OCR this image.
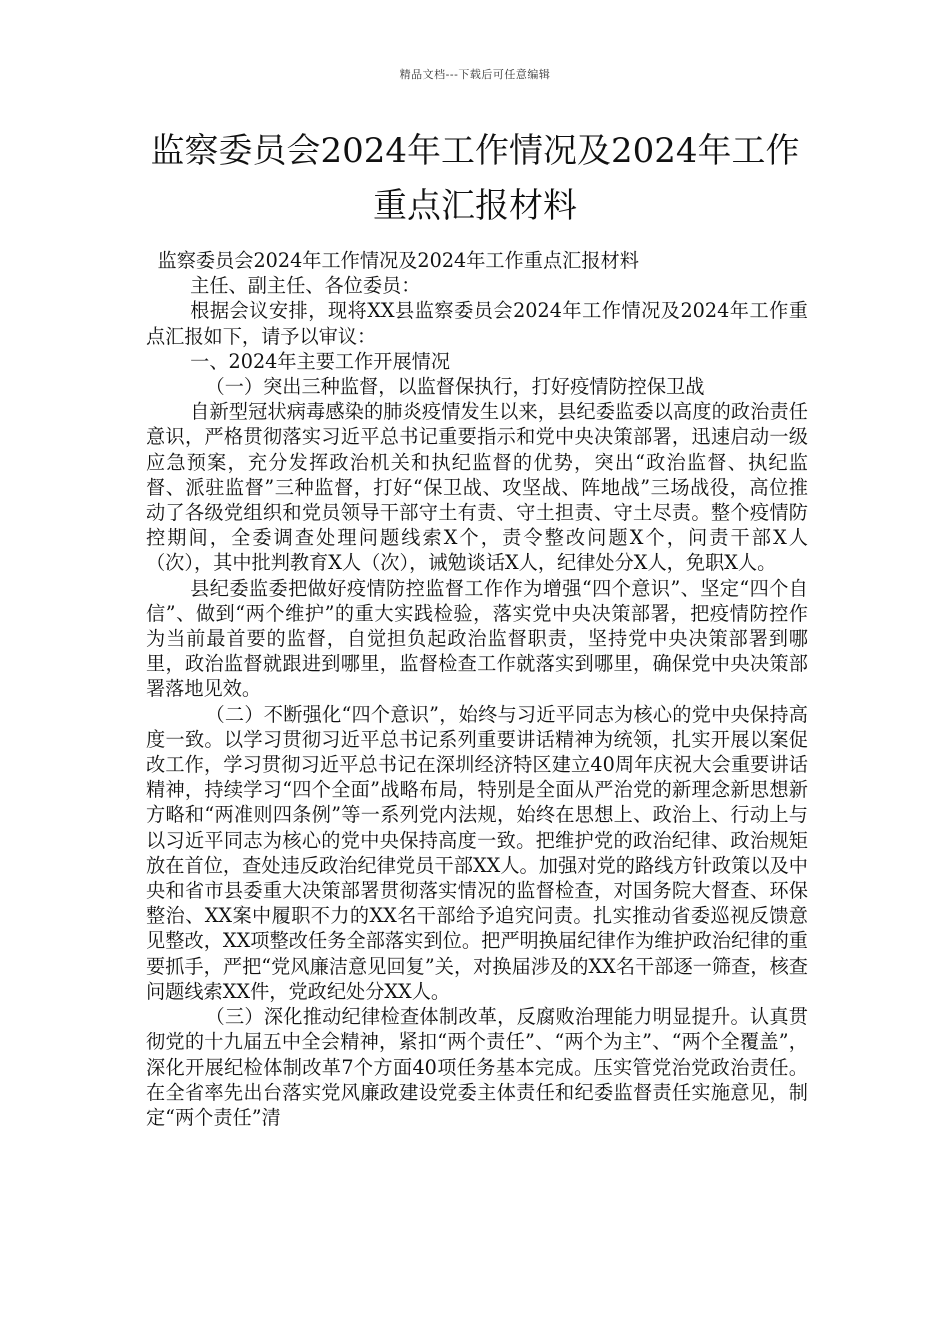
精品文档---下载后可任意编辑
监察委员会2024年工作情况及2024年工作
重点汇报材料

监察委员会2024年工作情况及2024年工作重点汇报材料

主任、副主任、各位委员：

根据会议安排，现将XX县监察委员会2024年工作情况及2024年工作重点汇报如下，请予以审议：

一、2024年主要工作开展情况

（一）突出三种监督，以监督保执行，打好疫情防控保卫战

自新型冠状病毒感染的肺炎疫情发生以来，县纪委监委以高度的政治责任意识，严格贯彻落实习近平总书记重要指示和党中央决策部署，迅速启动一级应急预案，充分发挥政治机关和执纪监督的优势，突出“政治监督、执纪监督、派驻监督”三种监督，打好“保卫战、攻坚战、阵地战”三场战役，高位推动了各级党组织和党员领导干部守土有责、守土担责、守土尽责。整个疫情防控期间，全委调查处理问题线索X个，责令整改问题X个，问责干部X人（次），其中批判教育X人（次），诫勉谈话X人，纪律处分X人，免职X人。

县纪委监委把做好疫情防控监督工作作为增强“四个意识”、坚定“四个自信”、做到“两个维护”的重大实践检验，落实党中央决策部署，把疫情防控作为当前最首要的监督，自觉担负起政治监督职责，坚持党中央决策部署到哪里，政治监督就跟进到哪里，监督检查工作就落实到哪里，确保党中央决策部署落地见效。

（二）不断强化“四个意识”，始终与习近平同志为核心的党中央保持高度一致。以学习贯彻习近平总书记系列重要讲话精神为统领，扎实开展以案促改工作，学习贯彻习近平总书记在深圳经济特区建立40周年庆祝大会重要讲话精神，持续学习“四个全面”战略布局，特别是全面从严治党的新理念新思想新方略和“两准则四条例”等一系列党内法规，始终在思想上、政治上、行动上与以习近平同志为核心的党中央保持高度一致。把维护党的政治纪律、政治规矩放在首位，查处违反政治纪律党员干部XX人。加强对党的路线方针政策以及中央和省市县委重大决策部署贯彻落实情况的监督检查，对国务院大督查、环保整治、XX案中履职不力的XX名干部给予追究问责。扎实推动省委巡视反馈意见整改，XX项整改任务全部落实到位。把严明换届纪律作为维护政治纪律的重要抓手，严把“党风廉洁意见回复”关，对换届涉及的XX名干部逐一筛查，核查问题线索XX件，党政纪处分XX人。

（三）深化推动纪律检查体制改革，反腐败治理能力明显提升。认真贯彻党的十九届五中全会精神，紧扣“两个责任”、“两个为主”、“两个全覆盖”，深化开展纪检体制改革7个方面40项任务基本完成。压实管党治党政治责任。在全省率先出台落实党风廉政建设党委主体责任和纪委监督责任实施意见，制定“两个责任”清
